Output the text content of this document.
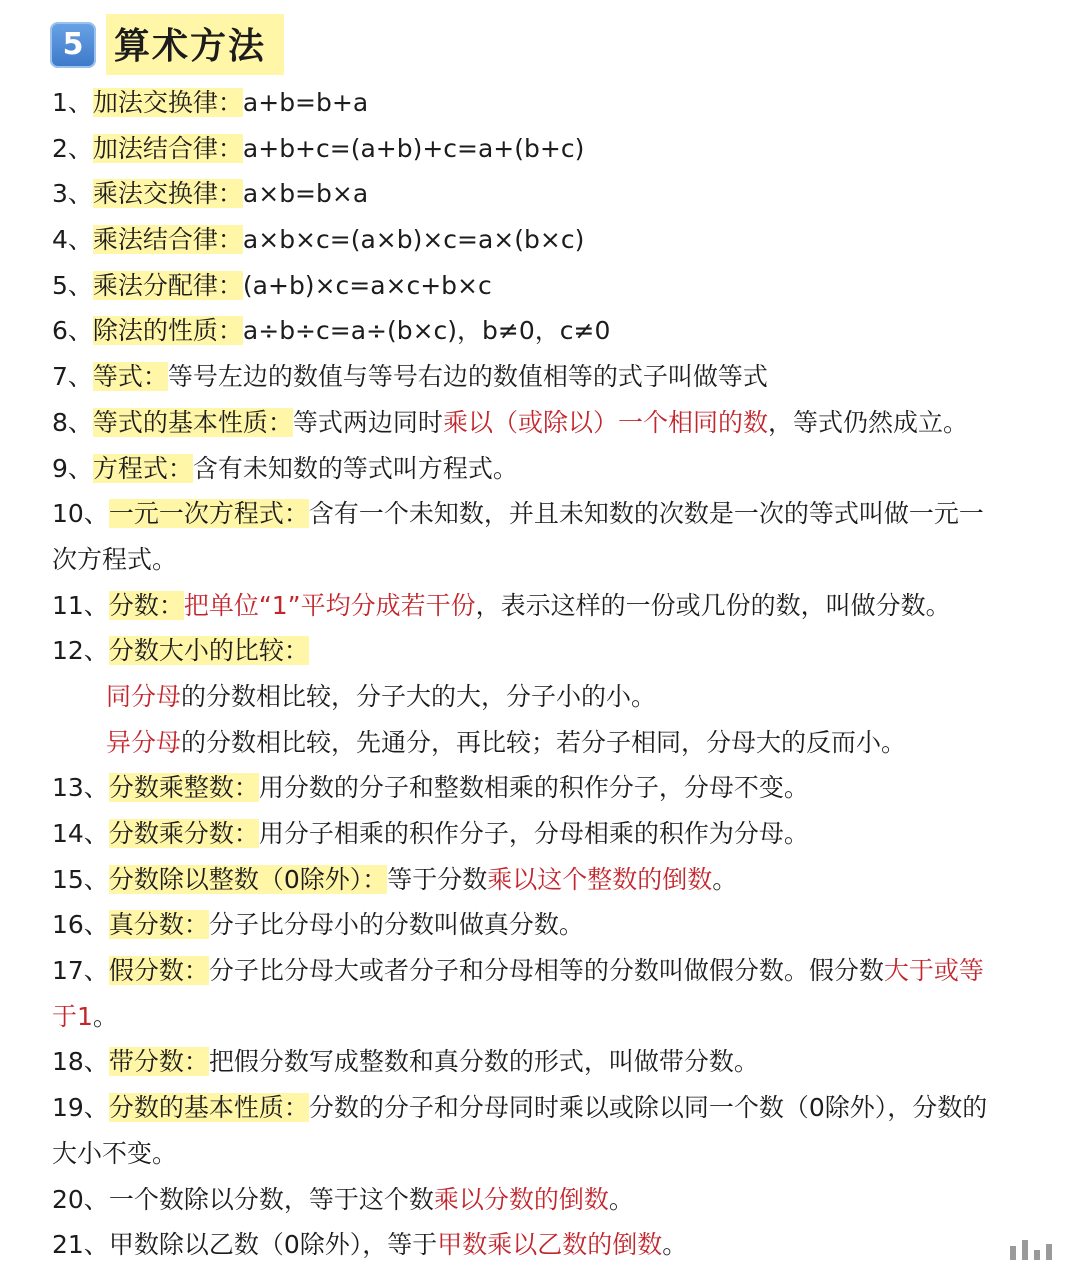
5 算术方法
1、加法交换律：a+b=b+a
2、加法结合律：a+b+c=(a+b)+c=a+(b+c)
3、乘法交换律：a×b=b×a
4、乘法结合律：a×b×c=(a×b)×c=a×(b×c)
5、乘法分配律：(a+b)×c=a×c+b×c
6、除法的性质：a÷b÷c=a÷(b×c)，b≠0，c≠0
7、等式：等号左边的数值与等号右边的数值相等的式子叫做等式
8、等式的基本性质：等式两边同时乘以（或除以）一个相同的数，等式仍然成立。
9、方程式：含有未知数的等式叫方程式。
10、一元一次方程式：含有一个未知数，并且未知数的次数是一次的等式叫做一元一
次方程式。
11、分数：把单位“1”平均分成若干份，表示这样的一份或几份的数，叫做分数。
12、分数大小的比较：
同分母的分数相比较，分子大的大，分子小的小。
异分母的分数相比较，先通分，再比较；若分子相同，分母大的反而小。
13、分数乘整数：用分数的分子和整数相乘的积作分子，分母不变。
14、分数乘分数：用分子相乘的积作分子，分母相乘的积作为分母。
15、分数除以整数（0除外）：等于分数乘以这个整数的倒数。
16、真分数：分子比分母小的分数叫做真分数。
17、假分数：分子比分母大或者分子和分母相等的分数叫做假分数。假分数大于或等
于1。
18、带分数：把假分数写成整数和真分数的形式，叫做带分数。
19、分数的基本性质：分数的分子和分母同时乘以或除以同一个数（0除外），分数的
大小不变。
20、一个数除以分数，等于这个数乘以分数的倒数。
21、甲数除以乙数（0除外），等于甲数乘以乙数的倒数。
